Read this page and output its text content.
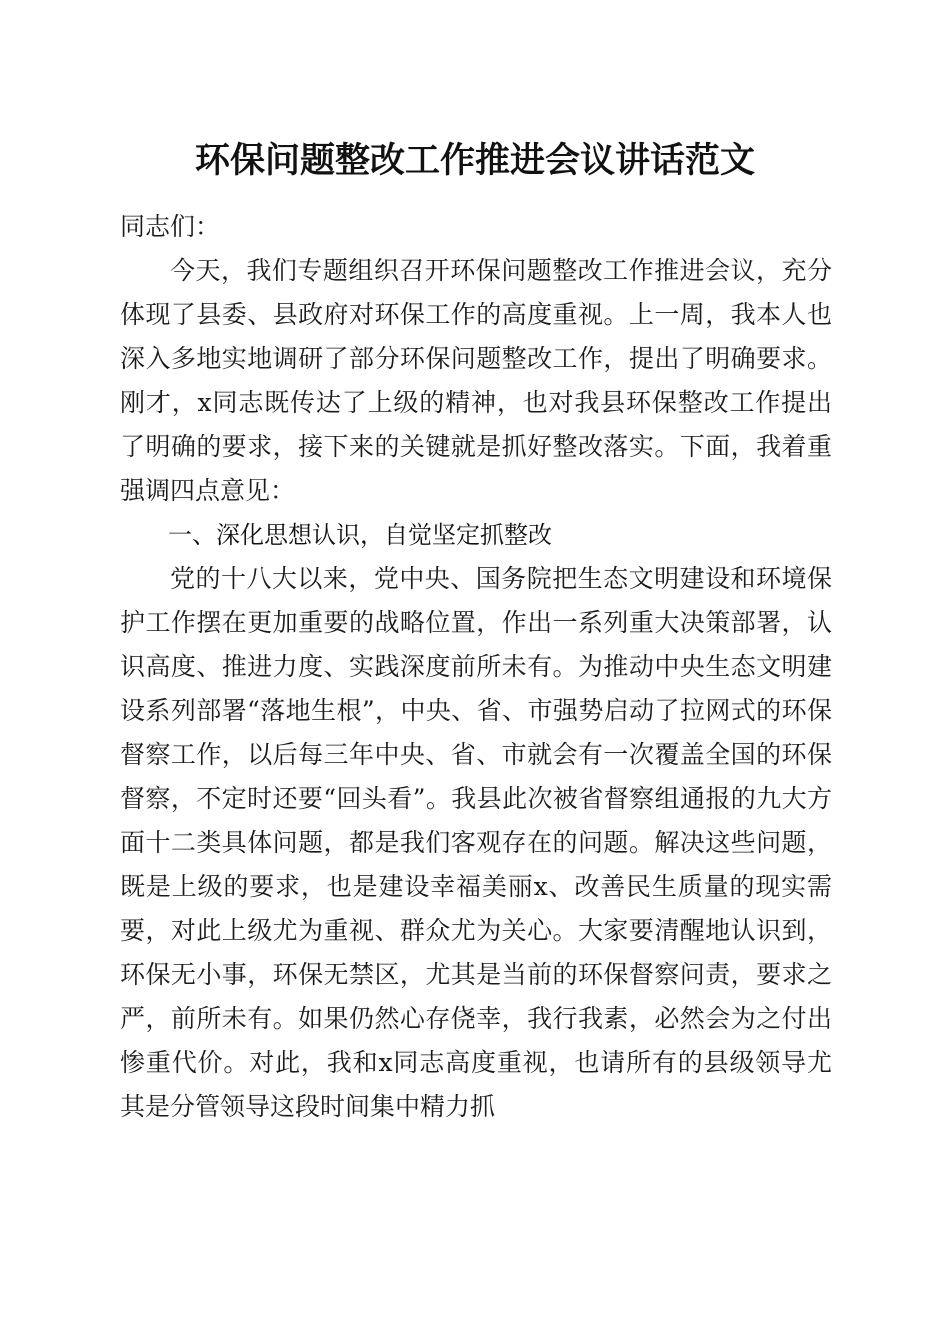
环保问题整改工作推进会议讲话范文

同志们：

今天，我们专题组织召开环保问题整改工作推进会议，充分体现了县委、县政府对环保工作的高度重视。上一周，我本人也深入多地实地调研了部分环保问题整改工作，提出了明确要求。刚才，x同志既传达了上级的精神，也对我县环保整改工作提出了明确的要求，接下来的关键就是抓好整改落实。下面，我着重强调四点意见：

一、深化思想认识，自觉坚定抓整改

党的十八大以来，党中央、国务院把生态文明建设和环境保护工作摆在更加重要的战略位置，作出一系列重大决策部署，认识高度、推进力度、实践深度前所未有。为推动中央生态文明建设系列部署“落地生根”，中央、省、市强势启动了拉网式的环保督察工作，以后每三年中央、省、市就会有一次覆盖全国的环保督察，不定时还要“回头看”。我县此次被省督察组通报的九大方面十二类具体问题，都是我们客观存在的问题。解决这些问题，既是上级的要求，也是建设幸福美丽x、改善民生质量的现实需要，对此上级尤为重视、群众尤为关心。大家要清醒地认识到，环保无小事，环保无禁区，尤其是当前的环保督察问责，要求之严，前所未有。如果仍然心存侥幸，我行我素，必然会为之付出惨重代价。对此，我和x同志高度重视，也请所有的县级领导尤其是分管领导这段时间集中精力抓
